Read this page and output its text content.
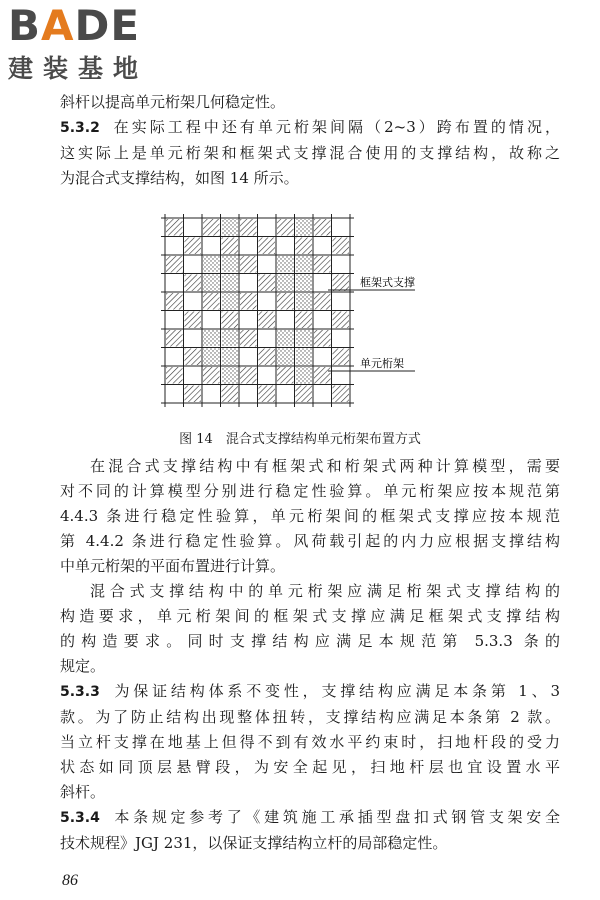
BADE
建装基地

斜杆以提高单元桁架几何稳定性。

5.3.2 在实际工程中还有单元桁架间隔（2~3）跨布置的情况，

这实际上是单元桁架和框架式支撑混合使用的支撑结构，故称之

为混合式支撑结构，如图 14 所示。

框架式支撑
单元桁架
图 14　混合式支撑结构单元桁架布置方式

在混合式支撑结构中有框架式和桁架式两种计算模型，需要

对不同的计算模型分别进行稳定性验算。单元桁架应按本规范第

4.4.3 条进行稳定性验算，单元桁架间的框架式支撑应按本规范

第 4.4.2 条进行稳定性验算。风荷载引起的内力应根据支撑结构

中单元桁架的平面布置进行计算。

混合式支撑结构中的单元桁架应满足桁架式支撑结构的

构造要求，单元桁架间的框架式支撑应满足框架式支撑结构

的构造要求。同时支撑结构应满足本规范第 5.3.3 条的

规定。

5.3.3 为保证结构体系不变性，支撑结构应满足本条第 1、3

款。为了防止结构出现整体扭转，支撑结构应满足本条第 2 款。

当立杆支撑在地基上但得不到有效水平约束时，扫地杆段的受力

状态如同顶层悬臂段，为安全起见，扫地杆层也宜设置水平

斜杆。

5.3.4 本条规定参考了《建筑施工承插型盘扣式钢管支架安全

技术规程》JGJ 231，以保证支撑结构立杆的局部稳定性。

86
